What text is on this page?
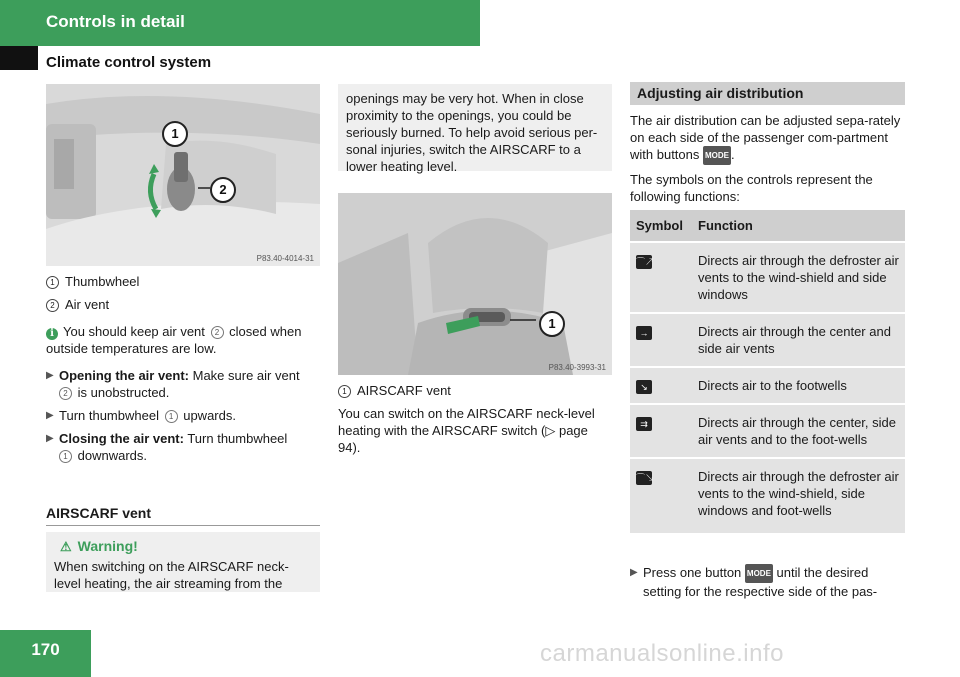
Controls in detail
Climate control system
1
2
P83.40-4014-31

1 Thumbwheel

2 Air vent

i You should keep air vent 2 closed when outside temperatures are low.

▶ Opening the air vent: Make sure air vent
2 is unobstructed.
▶ Turn thumbwheel 1 upwards.
▶ Closing the air vent: Turn thumbwheel
1 downwards.
AIRSCARF vent
⚠ Warning!
When switching on the AIRSCARF neck-level heating, the air streaming from the
openings may be very hot. When in close proximity to the openings, you could be seriously burned. To help avoid serious per-sonal injuries, switch the AIRSCARF to a lower heating level.
1
P83.40-3993-31

1 AIRSCARF vent

You can switch on the AIRSCARF neck-level heating with the AIRSCARF switch (▷ page 94).

Adjusting air distribution

The air distribution can be adjusted sepa-rately on each side of the passenger com-partment with buttons MODE .

The symbols on the controls represent the following functions:

Symbol	Function
⌒↗	Directs air through the defroster air vents to the wind-shield and side windows
→	Directs air through the center and side air vents
↘	Directs air to the footwells
⇉	Directs air through the center, side air vents and to the foot-wells
⌒↘	Directs air through the defroster air vents to the wind-shield, side windows and foot-wells
▶ Press one button MODE until the desired setting for the respective side of the pas-
170	carmanualsonline.info
